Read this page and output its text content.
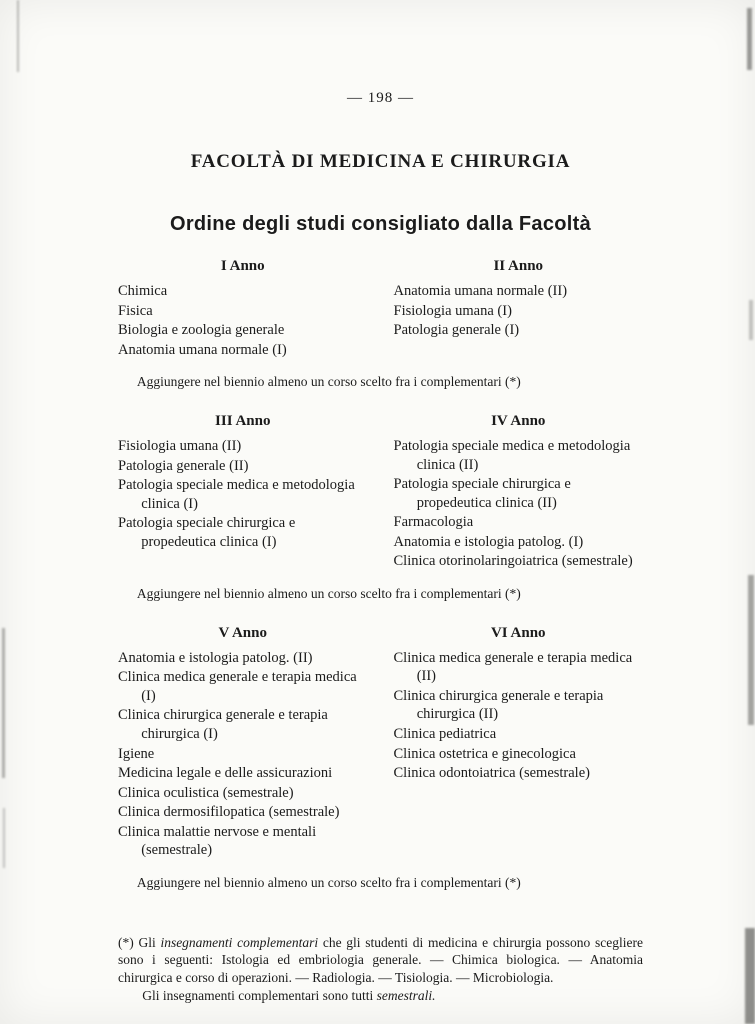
— 198 —
FACOLTÀ DI MEDICINA E CHIRURGIA
Ordine degli studi consigliato dalla Facoltà
I Anno
Chimica
Fisica
Biologia e zoologia generale
Anatomia umana normale (I)
II Anno
Anatomia umana normale (II)
Fisiologia umana (I)
Patologia generale (I)

Aggiungere nel biennio almeno un corso scelto fra i complementari (*)

III Anno
Fisiologia umana (II)
Patologia generale (II)
Patologia speciale medica e metodologia clinica (I)
Patologia speciale chirurgica e propedeutica clinica (I)
IV Anno
Patologia speciale medica e metodologia clinica (II)
Patologia speciale chirurgica e propedeutica clinica (II)
Farmacologia
Anatomia e istologia patolog. (I)
Clinica otorinolaringoiatrica (semestrale)

Aggiungere nel biennio almeno un corso scelto fra i complementari (*)

V Anno
Anatomia e istologia patolog. (II)
Clinica medica generale e terapia medica (I)
Clinica chirurgica generale e terapia chirurgica (I)
Igiene
Medicina legale e delle assicurazioni
Clinica oculistica (semestrale)
Clinica dermosifilopatica (semestrale)
Clinica malattie nervose e mentali (semestrale)
VI Anno
Clinica medica generale e terapia medica (II)
Clinica chirurgica generale e terapia chirurgica (II)
Clinica pediatrica
Clinica ostetrica e ginecologica
Clinica odontoiatrica (semestrale)

Aggiungere nel biennio almeno un corso scelto fra i complementari (*)

(*) Gli insegnamenti complementari che gli studenti di medicina e chirurgia possono scegliere sono i seguenti: Istologia ed embriologia generale. — Chimica biologica. — Anatomia chirurgica e corso di operazioni. — Radiologia. — Tisiologia. — Microbiologia.

Gli insegnamenti complementari sono tutti semestrali.
